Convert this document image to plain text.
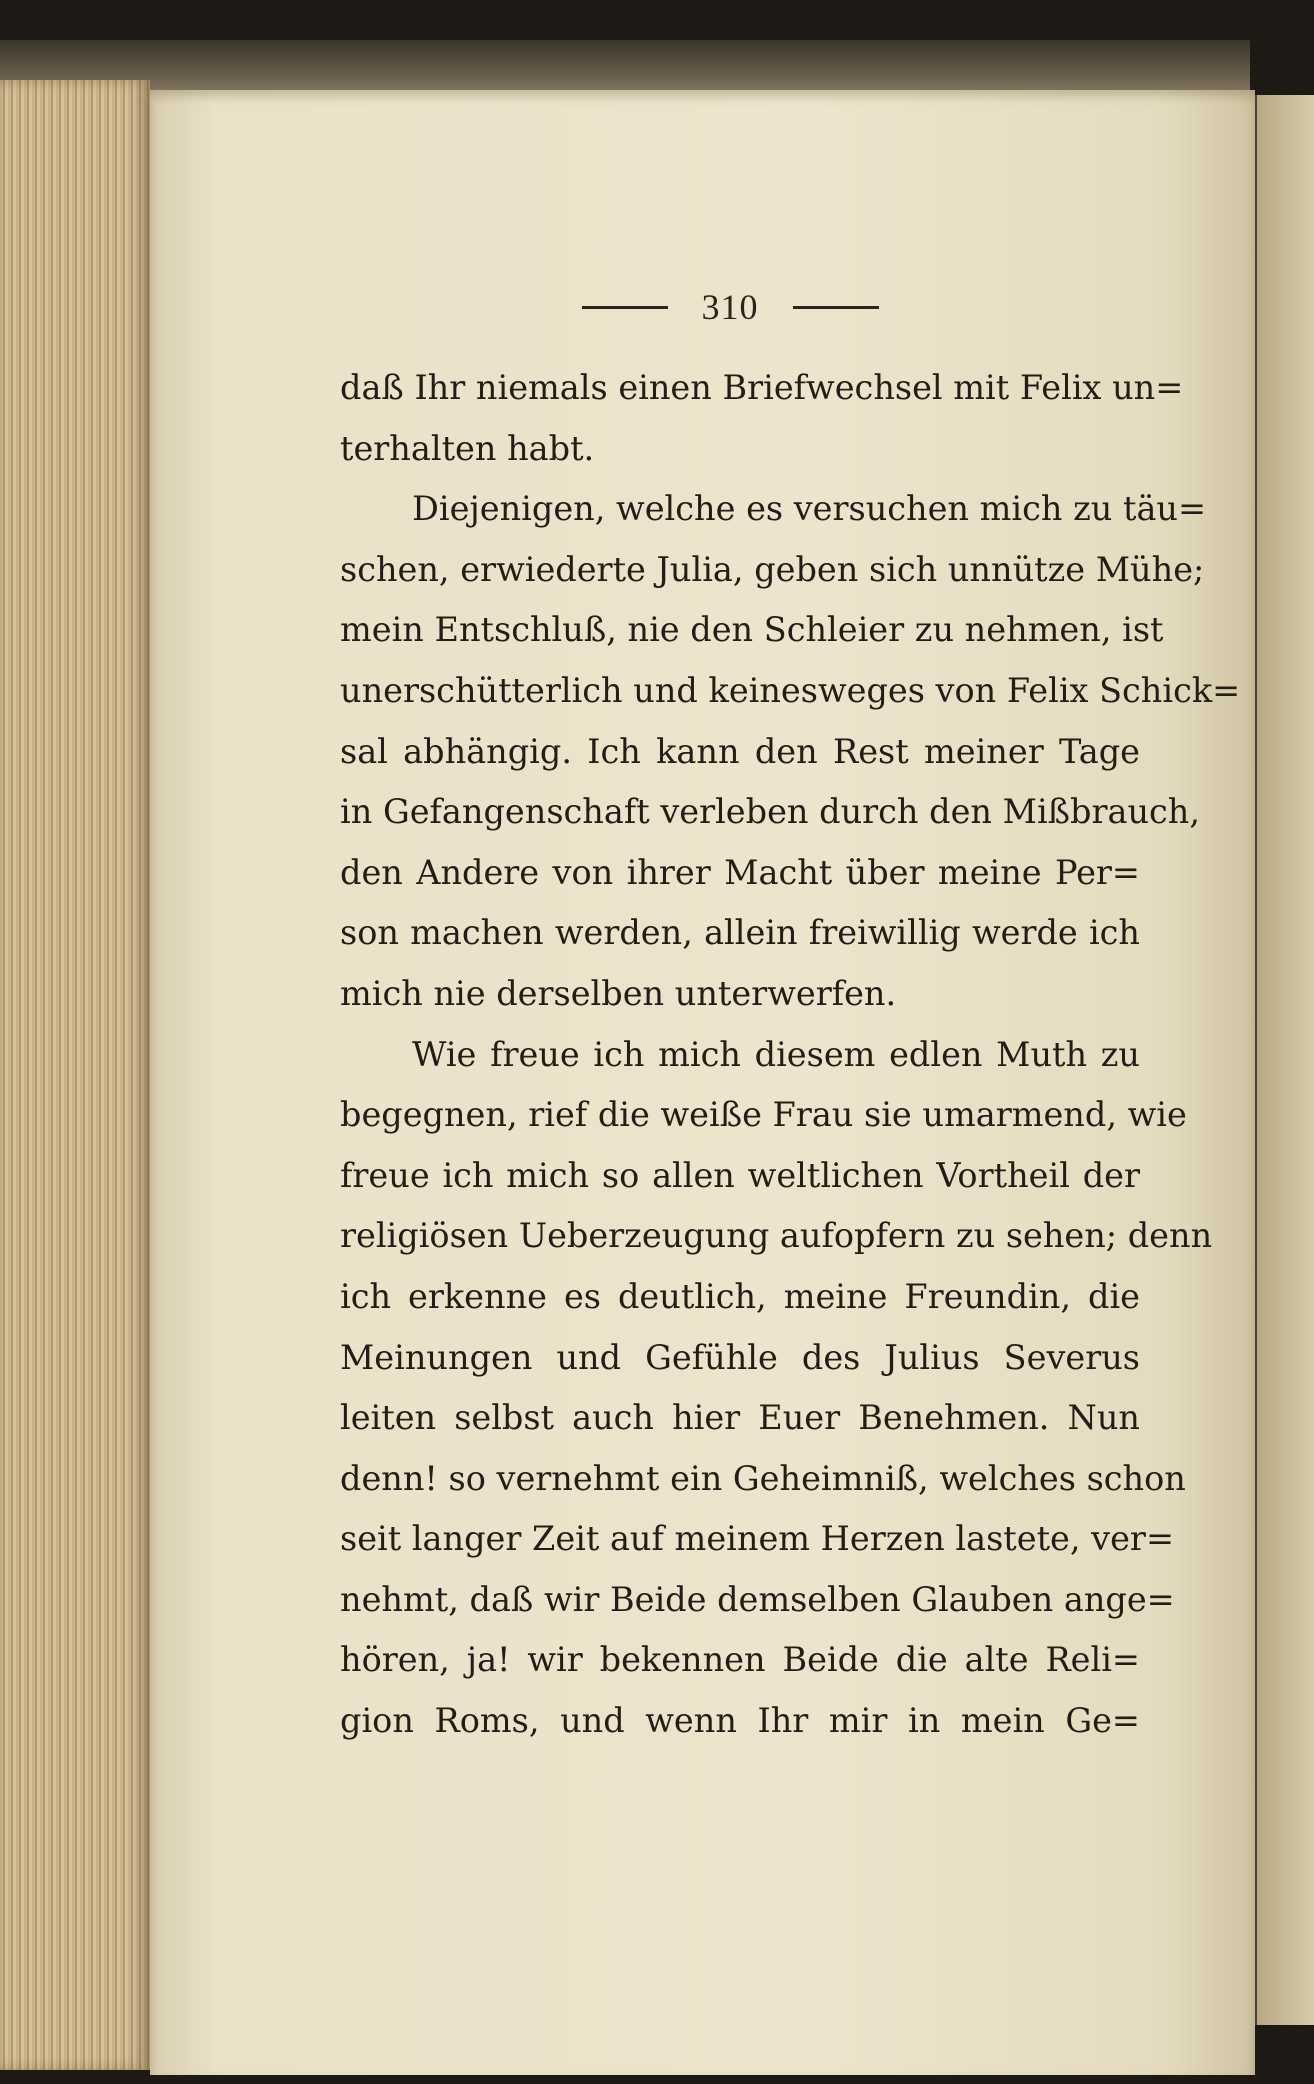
310
daß Ihr niemals einen Briefwechsel mit Felix un=
terhalten habt.
Diejenigen, welche es versuchen mich zu täu=
schen, erwiederte Julia, geben sich unnütze Mühe;
mein Entschluß, nie den Schleier zu nehmen, ist
unerschütterlich und keinesweges von Felix Schick=
sal abhängig. Ich kann den Rest meiner Tage
in Gefangenschaft verleben durch den Mißbrauch,
den Andere von ihrer Macht über meine Per=
son machen werden, allein freiwillig werde ich
mich nie derselben unterwerfen.
Wie freue ich mich diesem edlen Muth zu
begegnen, rief die weiße Frau sie umarmend, wie
freue ich mich so allen weltlichen Vortheil der
religiösen Ueberzeugung aufopfern zu sehen; denn
ich erkenne es deutlich, meine Freundin, die
Meinungen und Gefühle des Julius Severus
leiten selbst auch hier Euer Benehmen. Nun
denn! so vernehmt ein Geheimniß, welches schon
seit langer Zeit auf meinem Herzen lastete, ver=
nehmt, daß wir Beide demselben Glauben ange=
hören, ja! wir bekennen Beide die alte Reli=
gion Roms, und wenn Ihr mir in mein Ge=
